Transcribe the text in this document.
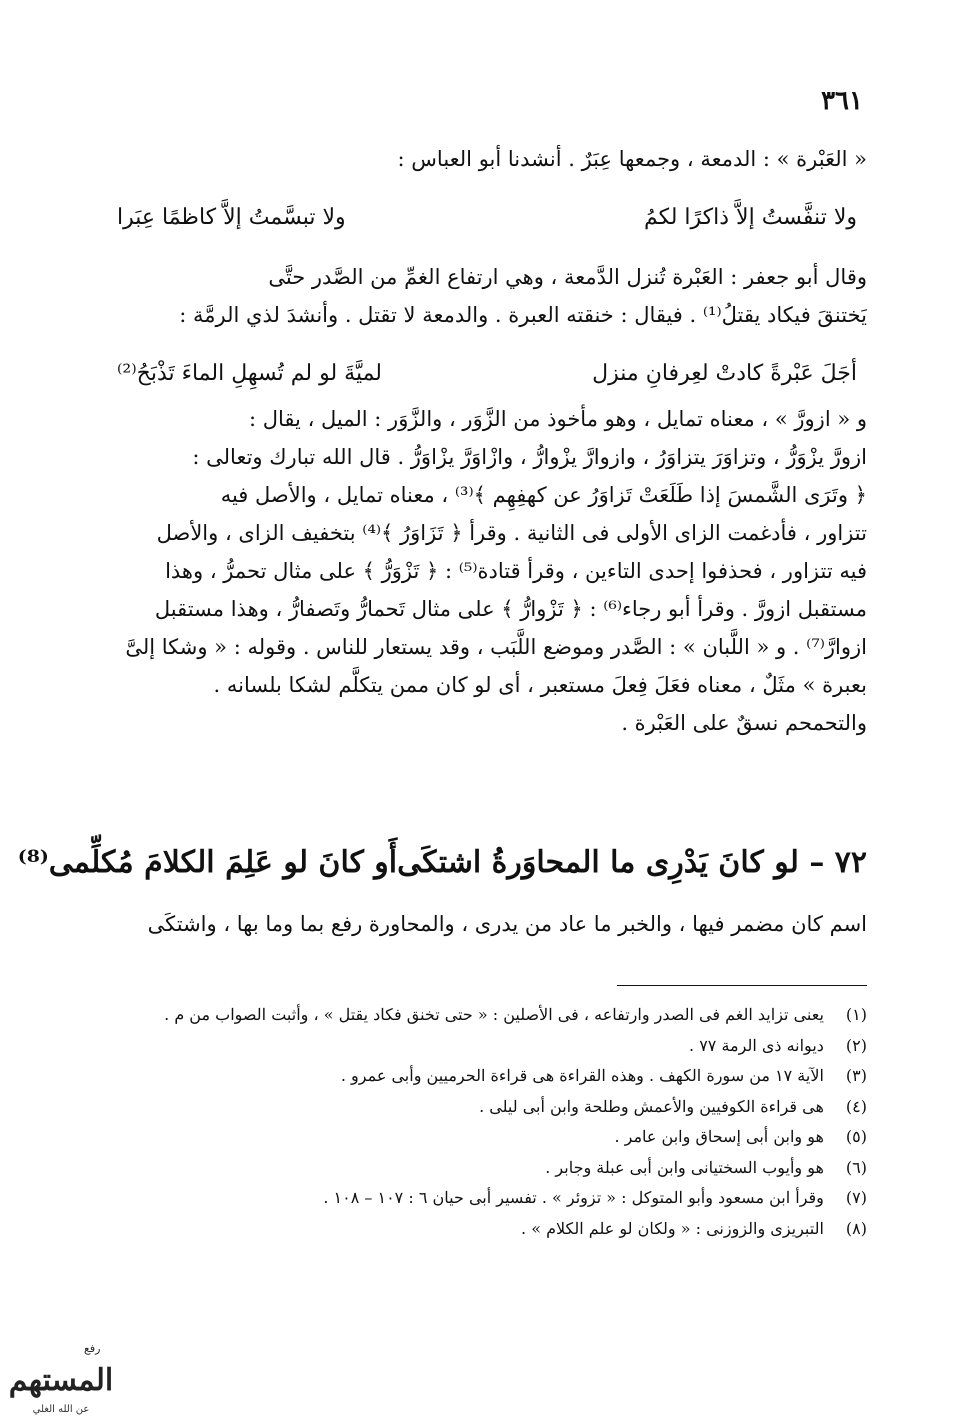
٣٦١
« العَبْرة » : الدمعة ، وجمعها عِبَرٌ . أنشدنا أبو العباس :
ولا تنفَّستُ إلاَّ ذاكرًا لكمُ
ولا تبسَّمتُ إلاَّ كاظمًا عِبَرا
وقال أبو جعفر : العَبْرة تُنزل الدَّمعة ، وهي ارتفاع الغمِّ من الصَّدر حتَّى
يَختنقَ فيكاد يقتلُ⁽¹⁾ . فيقال : خنقته العبرة . والدمعة لا تقتل . وأنشدَ لذي الرمَّة :
أجَلَ عَبْرةً كادتْ لعِرفانِ منزل
لميَّةَ لو لم تُسهِلِ الماءَ تَذْبَحُ⁽²⁾
و « ازورَّ » ، معناه تمايل ، وهو مأخوذ من الزَّوَر ، والزَّوَر : الميل ، يقال :
ازورَّ يزْوَرُّ ، وتزاوَرَ يتزاوَرُ ، وازوارَّ يزْوارُّ ، وازْاوَرَّ يزْاوَرُّ . قال الله تبارك وتعالى :
﴿ وتَرَى الشَّمسَ إذا طَلَعَتْ تَزاوَرُ عن كهفِهِم ﴾⁽³⁾ ، معناه تمايل ، والأصل فيه
تتزاور ، فأدغمت الزاى الأولى فى الثانية . وقرأ ﴿ تَزَاوَرُ ﴾⁽⁴⁾ بتخفيف الزاى ، والأصل
فيه تتزاور ، فحذفوا إحدى التاءين ، وقرأ قتادة⁽⁵⁾ : ﴿ تَزْوَرُّ ﴾ على مثال تحمرُّ ، وهذا
مستقبل ازورَّ . وقرأ أبو رجاء⁽⁶⁾ : ﴿ تَزْوارُّ ﴾ على مثال تَحمارُّ وتَصفارُّ ، وهذا مستقبل
ازوارَّ⁽⁷⁾ . و « اللَّبان » : الصَّدر وموضع اللَّبَب ، وقد يستعار للناس . وقوله : « وشكا إلىَّ
بعبرة » مثَلٌ ، معناه فعَلَ فِعلَ مستعبر ، أى لو كان ممن يتكلَّم لشكا بلسانه .
والتحمحم نسقٌ على العَبْرة .
٧٢ – لو كانَ يَدْرِى ما المحاوَرةُ اشتكَى
أَو كانَ لو عَلِمَ الكلامَ مُكلِّمى⁽⁸⁾
اسم كان مضمر فيها ، والخبر ما عاد من يدرى ، والمحاورة رفع بما وما بها ، واشتكَى
(١) يعنى تزايد الغم فى الصدر وارتفاعه ، فى الأصلين : « حتى تخنق فكاد يقتل » ، وأثبت الصواب من م .
(٢) ديوانه ذى الرمة ٧٧ .
(٣) الآية ١٧ من سورة الكهف . وهذه القراءة هى قراءة الحرميين وأبى عمرو .
(٤) هى قراءة الكوفيين والأعمش وطلحة وابن أبى ليلى .
(٥) هو وابن أبى إسحاق وابن عامر .
(٦) هو وأيوب السختيانى وابن أبى عبلة وجابر .
(٧) وقرأ ابن مسعود وأبو المتوكل : « تزوئر » . تفسير أبى حيان ٦ : ١٠٧ – ١٠٨ .
(٨) التبريزى والزوزنى : « ولكان لو علم الكلام » .
رفع
المستهم
عن الله الغلي
